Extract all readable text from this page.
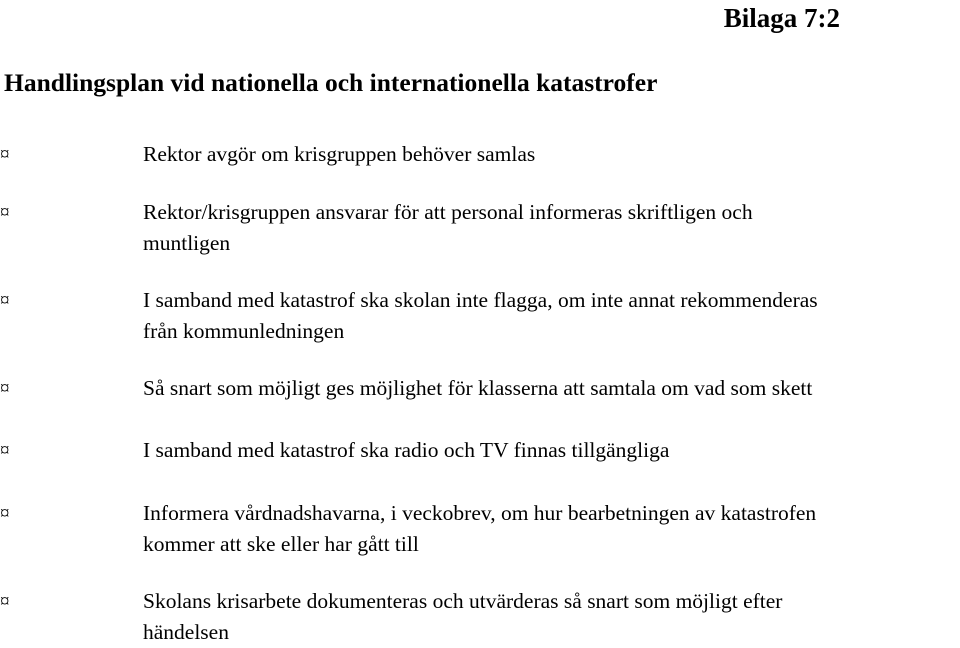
Bilaga 7:2
Handlingsplan vid nationella och internationella katastrofer
¤	Rektor avgör om krisgruppen behöver samlas
¤	Rektor/krisgruppen ansvarar för att personal informeras skriftligen och
muntligen
¤	I samband med katastrof ska skolan inte flagga, om inte annat rekommenderas
från kommunledningen
¤	Så snart som möjligt ges möjlighet för klasserna att samtala om vad som skett
¤	I samband med katastrof ska radio och TV finnas tillgängliga
¤	Informera vårdnadshavarna, i veckobrev, om hur bearbetningen av katastrofen
kommer att ske eller har gått till
¤	Skolans krisarbete dokumenteras och utvärderas så snart som möjligt efter
händelsen
